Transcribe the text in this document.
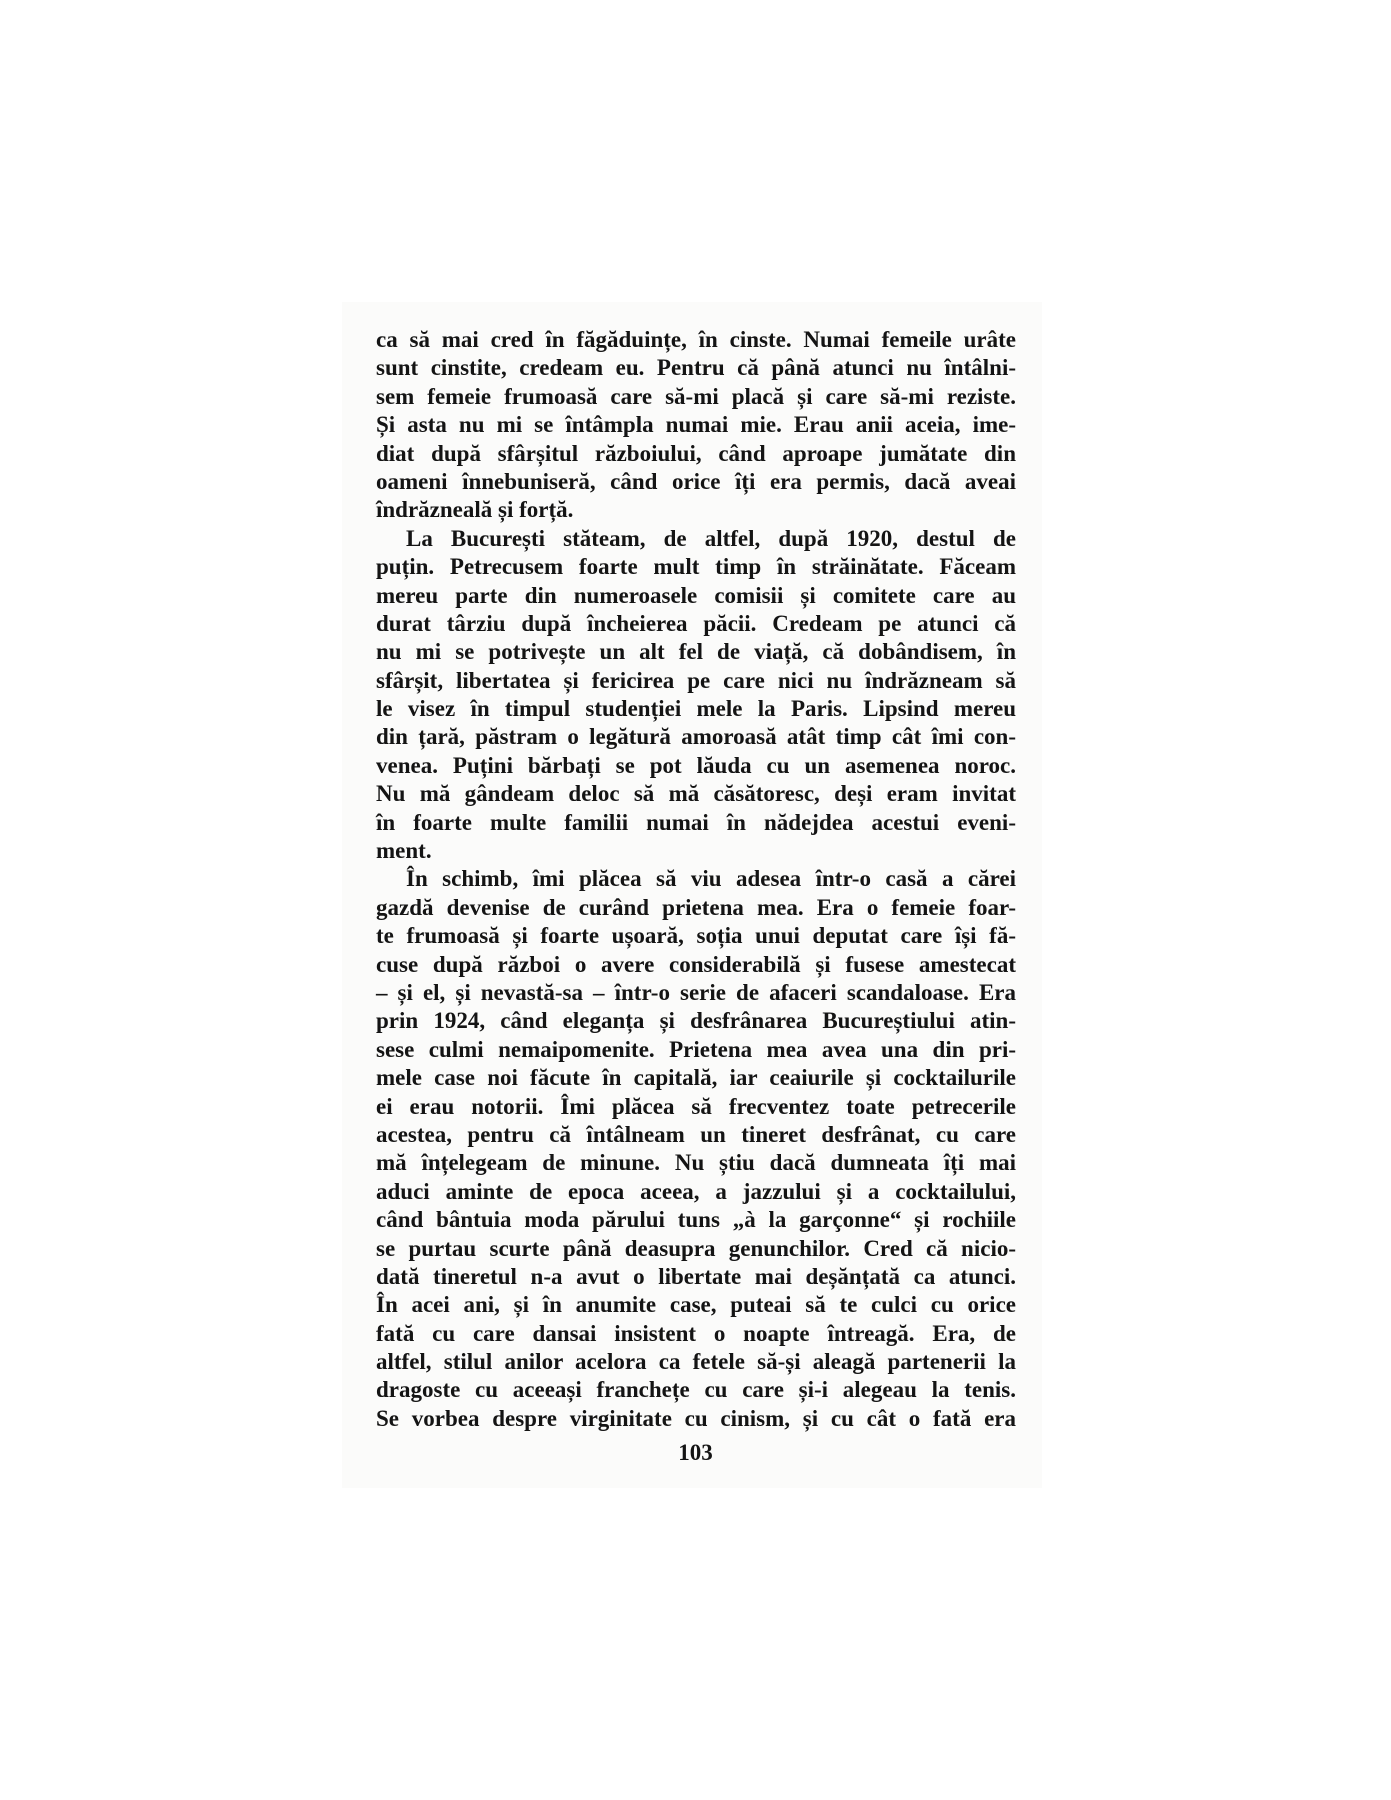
ca să mai cred în făgăduințe, în cinste. Numai femeile urâte
sunt cinstite, credeam eu. Pentru că până atunci nu întâlni-
sem femeie frumoasă care să-mi placă și care să-mi reziste.
Și asta nu mi se întâmpla numai mie. Erau anii aceia, ime-
diat după sfârșitul războiului, când aproape jumătate din
oameni înnebuniseră, când orice îți era permis, dacă aveai
îndrăzneală și forță.
La București stăteam, de altfel, după 1920, destul de
puțin. Petrecusem foarte mult timp în străinătate. Făceam
mereu parte din numeroasele comisii și comitete care au
durat târziu după încheierea păcii. Credeam pe atunci că
nu mi se potrivește un alt fel de viață, că dobândisem, în
sfârșit, libertatea și fericirea pe care nici nu îndrăzneam să
le visez în timpul studenției mele la Paris. Lipsind mereu
din țară, păstram o legătură amoroasă atât timp cât îmi con-
venea. Puțini bărbați se pot lăuda cu un asemenea noroc.
Nu mă gândeam deloc să mă căsătoresc, deși eram invitat
în foarte multe familii numai în nădejdea acestui eveni-
ment.
În schimb, îmi plăcea să viu adesea într-o casă a cărei
gazdă devenise de curând prietena mea. Era o femeie foar-
te frumoasă și foarte ușoară, soția unui deputat care își fă-
cuse după război o avere considerabilă și fusese amestecat
– și el, și nevastă-sa – într-o serie de afaceri scandaloase. Era
prin 1924, când eleganța și desfrânarea Bucureștiului atin-
sese culmi nemaipomenite. Prietena mea avea una din pri-
mele case noi făcute în capitală, iar ceaiurile și cocktailurile
ei erau notorii. Îmi plăcea să frecventez toate petrecerile
acestea, pentru că întâlneam un tineret desfrânat, cu care
mă înțelegeam de minune. Nu știu dacă dumneata îți mai
aduci aminte de epoca aceea, a jazzului și a cocktailului,
când bântuia moda părului tuns „à la garçonne“ și rochiile
se purtau scurte până deasupra genunchilor. Cred că nicio-
dată tineretul n-a avut o libertate mai deșănțată ca atunci.
În acei ani, și în anumite case, puteai să te culci cu orice
fată cu care dansai insistent o noapte întreagă. Era, de
altfel, stilul anilor acelora ca fetele să-și aleagă partenerii la
dragoste cu aceeași franchețe cu care și-i alegeau la tenis.
Se vorbea despre virginitate cu cinism, și cu cât o fată era
103
